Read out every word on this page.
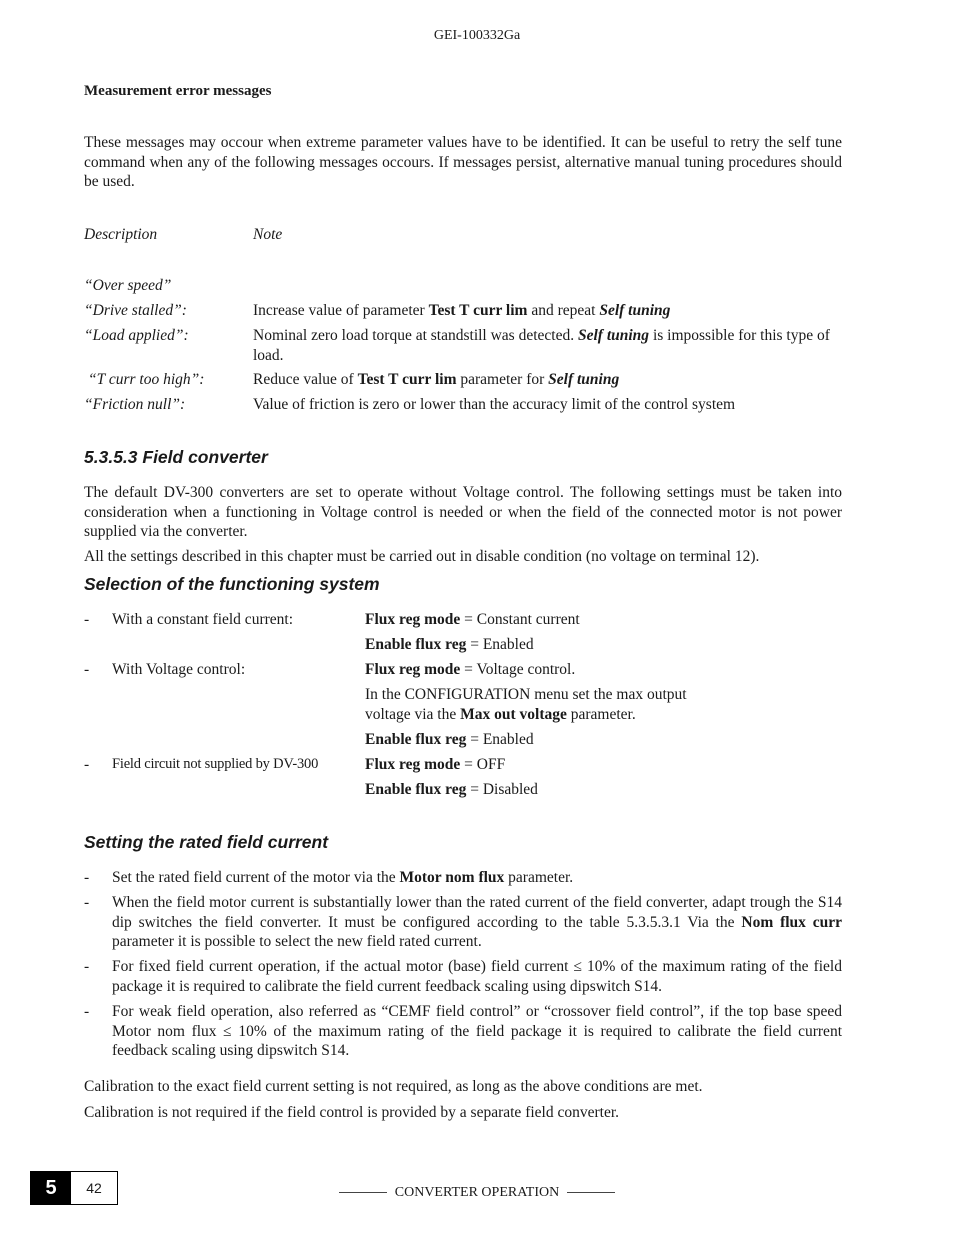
GEI-100332Ga
Measurement error messages
These messages may occour when extreme parameter values have to be identified. It can be useful to retry the self tune command when any of the following messages occours. If messages persist, alternative manual tuning procedures should be used.
Description	Note
“Over speed”
“Drive stalled”:	Increase value of parameter Test T curr lim and repeat Self tuning
“Load applied”:	Nominal zero load torque at standstill was detected. Self tuning is impossible for this type of load.
“T curr too high”:	Reduce value of Test T curr lim parameter for Self tuning
“Friction null”:	Value of friction is zero or lower than the accuracy limit of the control system
5.3.5.3 Field converter
The default DV-300 converters are set to operate without Voltage control. The following settings must be taken into consideration when a functioning in Voltage control is needed or when the field of the connected motor is not power supplied via the converter.
All the settings described in this chapter must be carried out in disable condition (no voltage on terminal 12).
Selection of the functioning system
- With a constant field current:	Flux reg mode = Constant current
Enable flux reg = Enabled
- With Voltage control:	Flux reg mode = Voltage control.
In the CONFIGURATION menu set the max output voltage via the Max out voltage parameter.
Enable flux reg = Enabled
- Field circuit not supplied by DV-300	Flux reg mode = OFF
Enable flux reg = Disabled
Setting the rated field current
- Set the rated field current of the motor via the Motor nom flux parameter.
- When the field motor current is substantially lower than the rated current of the field converter, adapt trough the S14 dip switches the field converter. It must be configured according to the table 5.3.5.3.1 Via the Nom flux curr parameter it is possible to select the new field rated current.
- For fixed field current operation, if the actual motor (base) field current ≤ 10% of the maximum rating of the field package it is required to calibrate the field current feedback scaling using dipswitch S14.
- For weak field operation, also referred as “CEMF field control” or “crossover field control”, if the top base speed Motor nom flux ≤ 10% of the maximum rating of the field package it is required to calibrate the field current feedback scaling using dipswitch S14.
Calibration to the exact field current setting is not required, as long as the above conditions are met.
Calibration is not required if the field control is provided by a separate field converter.
5	42	CONVERTER OPERATION
